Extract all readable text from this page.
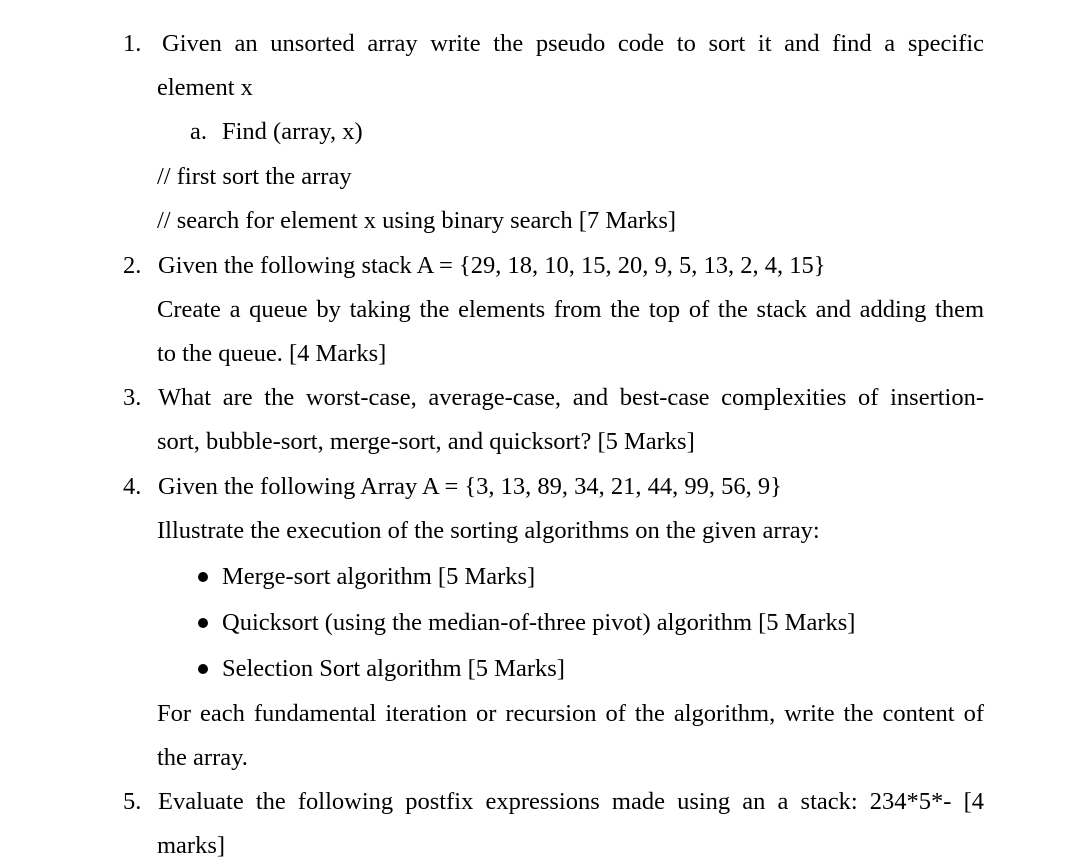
1. Given an unsorted array write the pseudo code to sort it and find a specific
element x
a. Find (array, x)
// first sort the array
// search for element x using binary search [7 Marks]
2. Given the following stack A = {29, 18, 10, 15, 20, 9, 5, 13, 2, 4, 15}
Create a queue by taking the elements from the top of the stack and adding them
to the queue. [4 Marks]
3. What are the worst-case, average-case, and best-case complexities of insertion-
sort, bubble-sort, merge-sort, and quicksort? [5 Marks]
4. Given the following Array A = {3, 13, 89, 34, 21, 44, 99, 56, 9}
Illustrate the execution of the sorting algorithms on the given array:
Merge-sort algorithm [5 Marks]
Quicksort (using the median-of-three pivot) algorithm [5 Marks]
Selection Sort algorithm [5 Marks]
For each fundamental iteration or recursion of the algorithm, write the content of
the array.
5. Evaluate the following postfix expressions made using an a stack: 234*5*- [4
marks]
